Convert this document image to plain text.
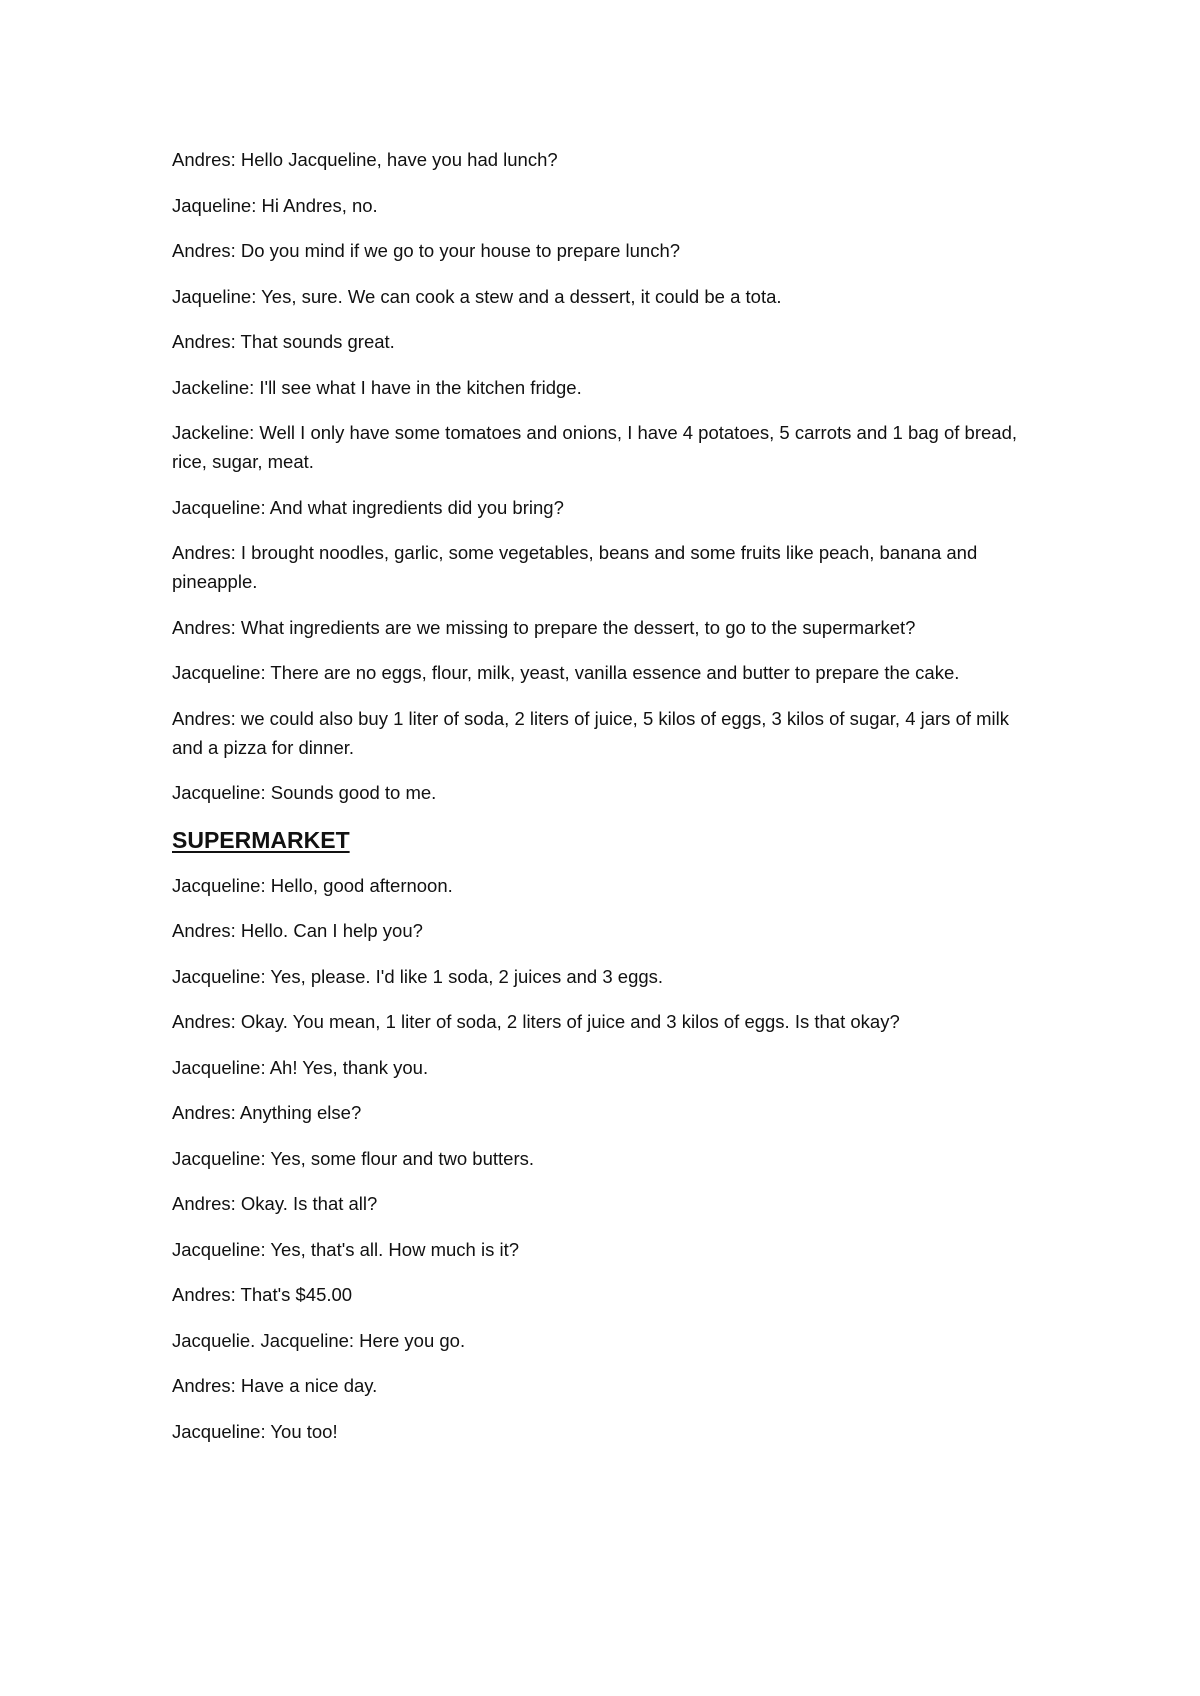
Andres: Hello Jacqueline, have you had lunch?

Jaqueline: Hi Andres, no.

Andres: Do you mind if we go to your house to prepare lunch?

Jaqueline: Yes, sure. We can cook a stew and a dessert, it could be a tota.

Andres: That sounds great.

Jackeline: I'll see what I have in the kitchen fridge.

Jackeline: Well I only have some tomatoes and onions, I have 4 potatoes, 5 carrots and 1 bag of bread, rice, sugar, meat.

Jacqueline: And what ingredients did you bring?

Andres: I brought noodles, garlic, some vegetables, beans and some fruits like peach, banana and pineapple.

Andres: What ingredients are we missing to prepare the dessert, to go to the supermarket?

Jacqueline: There are no eggs, flour, milk, yeast, vanilla essence and butter to prepare the cake.

Andres: we could also buy 1 liter of soda, 2 liters of juice, 5 kilos of eggs, 3 kilos of sugar, 4 jars of milk and a pizza for dinner.

Jacqueline: Sounds good to me.

SUPERMARKET

Jacqueline: Hello, good afternoon.

Andres: Hello. Can I help you?

Jacqueline: Yes, please. I'd like 1 soda, 2 juices and 3 eggs.

Andres: Okay. You mean, 1 liter of soda, 2 liters of juice and 3 kilos of eggs. Is that okay?

Jacqueline: Ah! Yes, thank you.

Andres: Anything else?

Jacqueline: Yes, some flour and two butters.

Andres: Okay. Is that all?

Jacqueline: Yes, that's all. How much is it?

Andres: That's $45.00

Jacquelie. Jacqueline: Here you go.

Andres: Have a nice day.

Jacqueline: You too!
